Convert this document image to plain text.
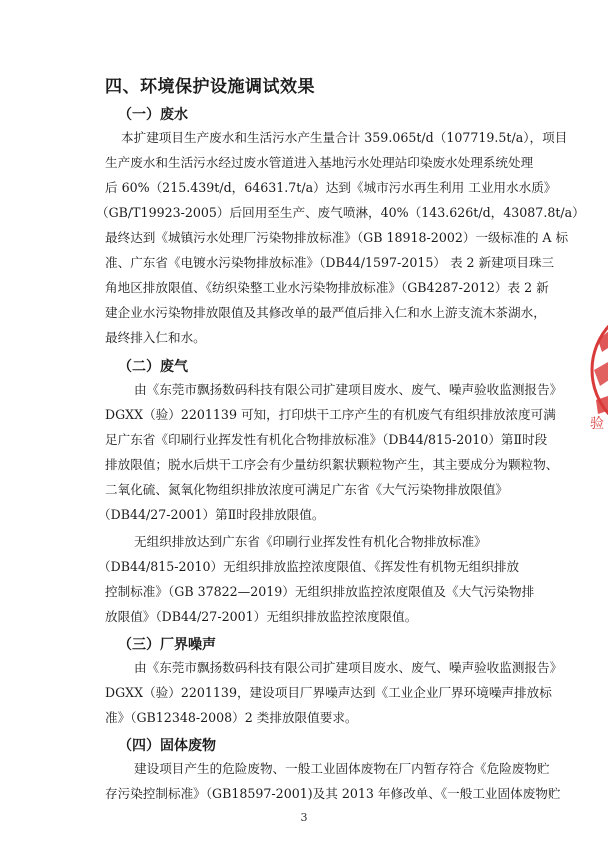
四、环境保护设施调试效果
（一）废水
本扩建项目生产废水和生活污水产生量合计 359.065t/d（107719.5t/a），项目
生产废水和生活污水经过废水管道进入基地污水处理站印染废水处理系统处理
后 60%（215.439t/d，64631.7t/a）达到《城市污水再生利用 工业用水水质》
（GB/T19923-2005）后回用至生产、废气喷淋，40%（143.626t/d，43087.8t/a）
最终达到《城镇污水处理厂污染物排放标准》（GB 18918-2002）一级标准的 A 标
准、广东省《电镀水污染物排放标准》（DB44/1597-2015） 表 2 新建项目珠三
角地区排放限值、《纺织染整工业水污染物排放标准》（GB4287-2012）表 2 新
建企业水污染物排放限值及其修改单的最严值后排入仁和水上游支流木茶湖水，
最终排入仁和水。
（二）废气
由《东莞市飘扬数码科技有限公司扩建项目废水、废气、噪声验收监测报告》
DGXX（验）2201139 可知，打印烘干工序产生的有机废气有组织排放浓度可满
足广东省《印刷行业挥发性有机化合物排放标准》（DB44/815-2010）第Ⅱ时段
排放限值；脱水后烘干工序会有少量纺织絮状颗粒物产生，其主要成分为颗粒物、
二氧化硫、氮氧化物组织排放浓度可满足广东省《大气污染物排放限值》
（DB44/27-2001）第Ⅱ时段排放限值。
无组织排放达到广东省《印刷行业挥发性有机化合物排放标准》
（DB44/815-2010）无组织排放监控浓度限值、《挥发性有机物无组织排放
控制标准》（GB 37822—2019）无组织排放监控浓度限值及《大气污染物排
放限值》（DB44/27-2001）无组织排放监控浓度限值。
（三）厂界噪声
由《东莞市飘扬数码科技有限公司扩建项目废水、废气、噪声验收监测报告》
DGXX（验）2201139，建设项目厂界噪声达到《工业企业厂界环境噪声排放标
准》（GB12348-2008）2 类排放限值要求。
（四）固体废物
建设项目产生的危险废物、一般工业固体废物在厂内暂存符合《危险废物贮
存污染控制标准》（GB18597-2001)及其 2013 年修改单、《一般工业固体废物贮
3
验
